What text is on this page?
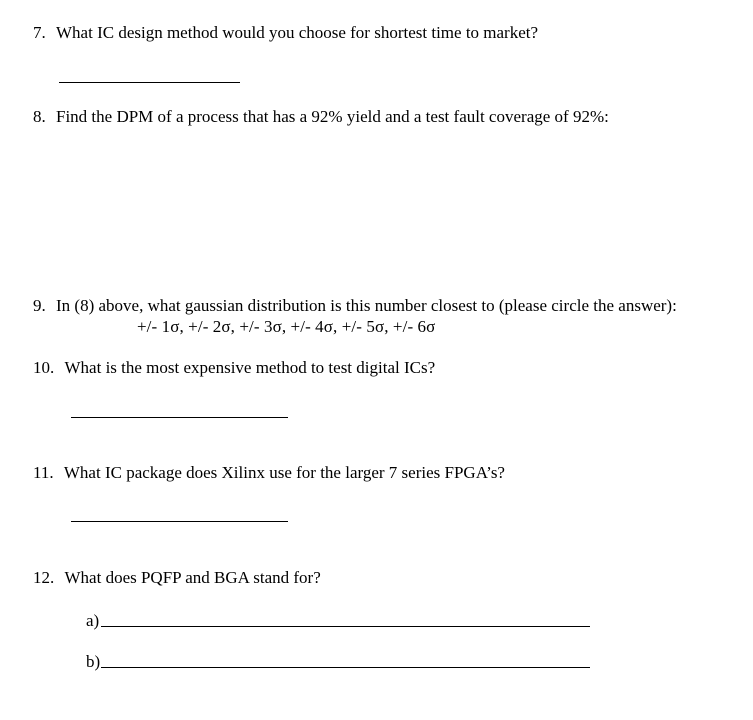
7. What IC design method would you choose for shortest time to market?
8. Find the DPM of a process that has a 92% yield and a test fault coverage of 92%:
9. In (8) above, what gaussian distribution is this number closest to (please circle the answer):
+/- 1σ, +/- 2σ, +/- 3σ, +/- 4σ, +/- 5σ, +/- 6σ
10. What is the most expensive method to test digital ICs?
11. What IC package does Xilinx use for the larger 7 series FPGA’s?
12. What does PQFP and BGA stand for?
a)
b)
